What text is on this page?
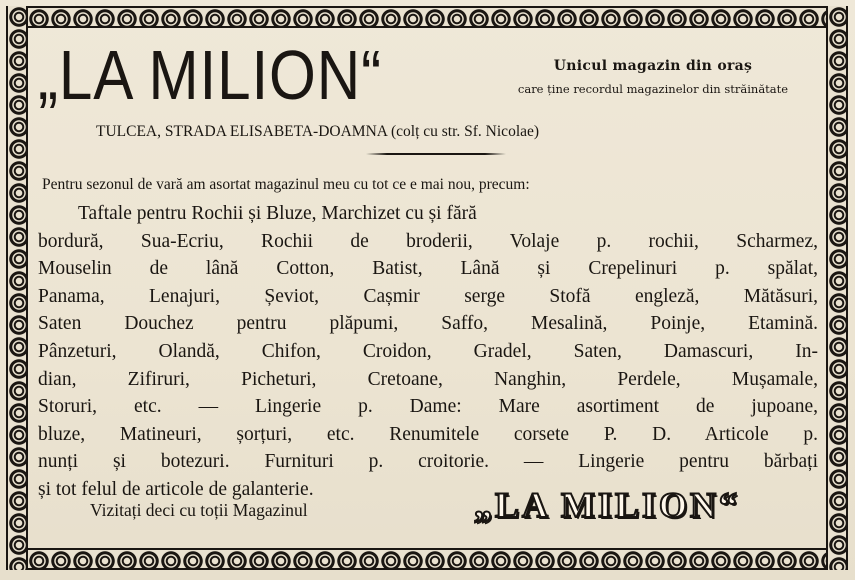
„LA MILION“	Unicul magazin din oraș
care ține recordul magazinelor din străinătate
TULCEA, STRADA ELISABETA-DOAMNA (colț cu str. Sf. Nicolae)
Pentru sezonul de vară am asortat magazinul meu cu tot ce e mai nou, precum:
Taftale pentru Rochii și Bluze, Marchizet cu și fără
bordură, Sua-Ecriu, Rochii de broderii, Volaje p. rochii, Scharmez,
Mouselin de lână Cotton, Batist, Lână și Crepelinuri p. spălat,
Panama, Lenajuri, Șeviot, Cașmir serge Stofă engleză, Mătăsuri,
Saten Douchez pentru plăpumi, Saffo, Mesalină, Poinje, Etamină.
Pânzeturi, Olandă, Chifon, Croidon, Gradel, Saten, Damascuri, In-
dian, Zifiruri, Picheturi, Cretoane, Nanghin, Perdele, Mușamale,
Storuri, etc. — Lingerie p. Dame: Mare asortiment de jupoane,
bluze, Matineuri, șorțuri, etc. Renumitele corsete P. D. Articole p.
nunți și botezuri. Furnituri p. croitorie. — Lingerie pentru bărbați
și tot felul de articole de galanterie.
Vizitați deci cu toții Magazinul	„LA MILION“
